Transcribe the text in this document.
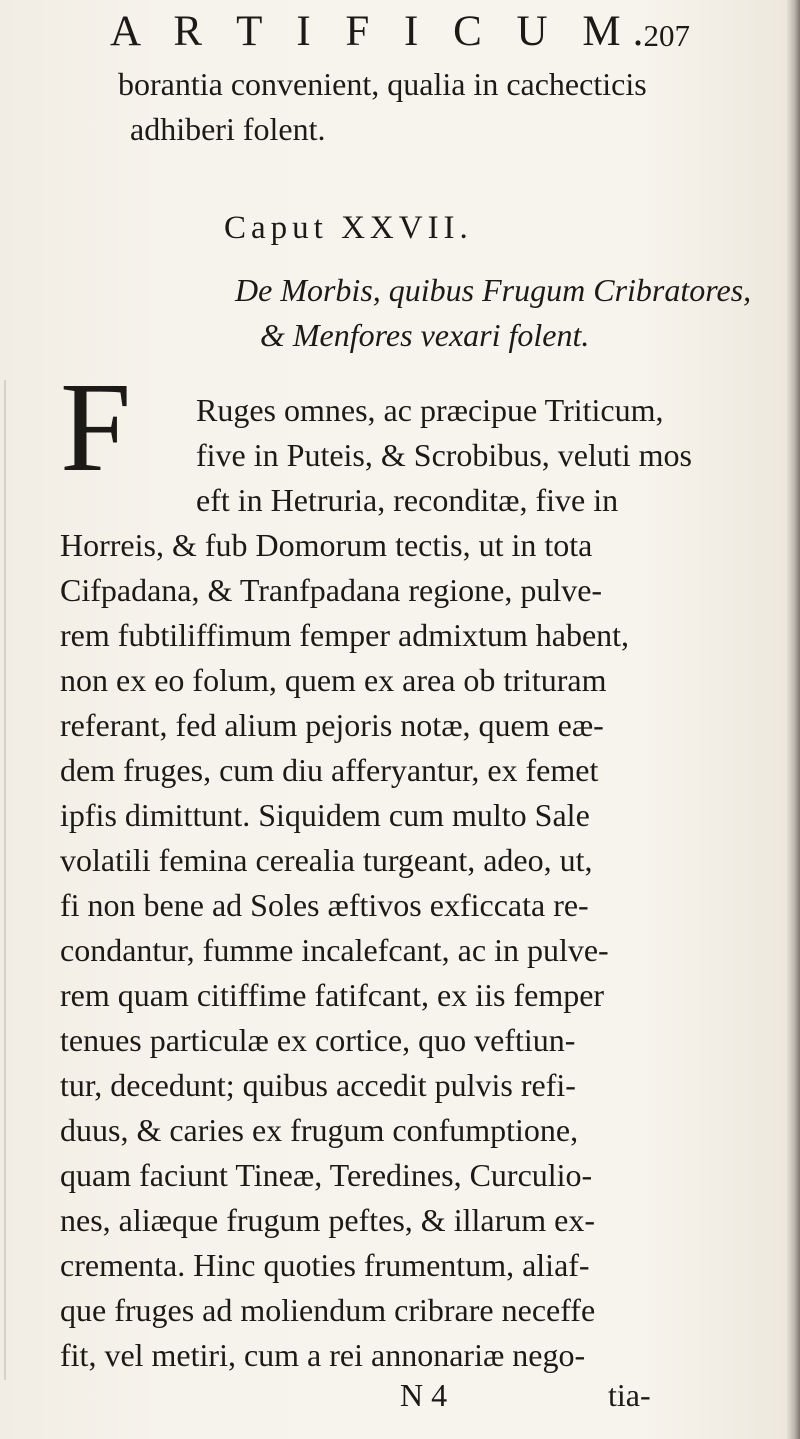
A R T I F I C U M.
207
borantia convenient, qualia in cachecticis
adhiberi folent.
Caput XXVII.
De Morbis, quibus Frugum Cribratores,
& Menfores vexari folent.
F	Ruges omnes, ac præcipue Triticum,
five in Puteis, & Scrobibus, veluti mos
eft in Hetruria, reconditæ, five in
Horreis, & fub Domorum tectis, ut in tota
Cifpadana, & Tranfpadana regione, pulve-
rem fubtiliffimum femper admixtum habent,
non ex eo folum, quem ex area ob trituram
referant, fed alium pejoris notæ, quem eæ-
dem fruges, cum diu afferyantur, ex femet
ipfis dimittunt. Siquidem cum multo Sale
volatili femina cerealia turgeant, adeo, ut,
fi non bene ad Soles æftivos exficcata re-
condantur, fumme incalefcant, ac in pulve-
rem quam citiffime fatifcant, ex iis femper
tenues particulæ ex cortice, quo veftiun-
tur, decedunt; quibus accedit pulvis refi-
duus, & caries ex frugum confumptione,
quam faciunt Tineæ, Teredines, Curculio-
nes, aliæque frugum peftes, & illarum ex-
crementa. Hinc quoties frumentum, aliaf-
que fruges ad moliendum cribrare neceffe
fit, vel metiri, cum a rei annonariæ nego-
N 4	tia-
